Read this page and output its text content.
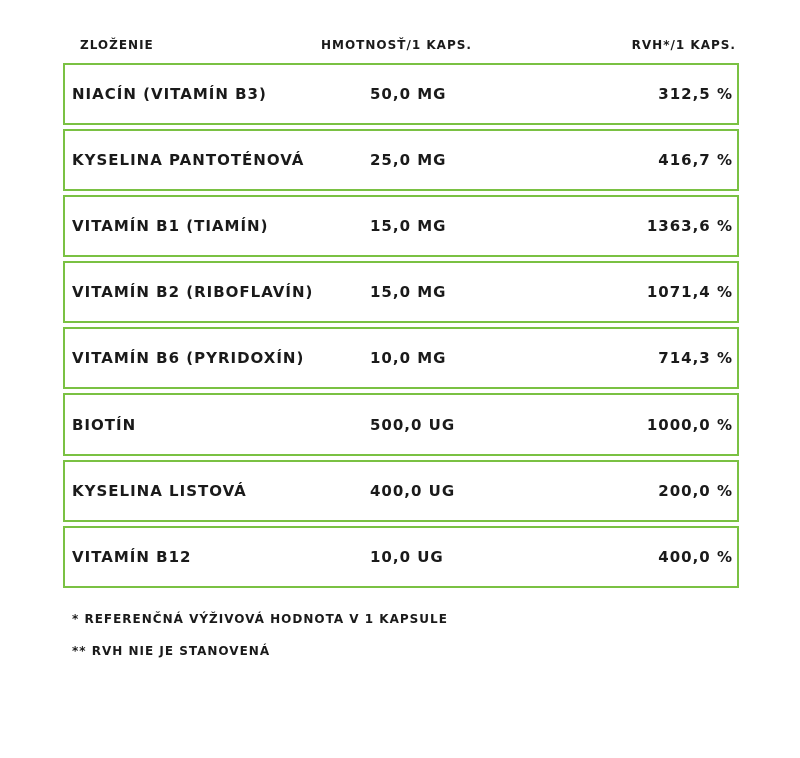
ZLOŽENIE	HMOTNOSŤ/1 KAPS.	RVH*/1 KAPS.
NIACÍN (VITAMÍN B3)	50,0 MG	312,5 %
KYSELINA PANTOTÉNOVÁ	25,0 MG	416,7 %
VITAMÍN B1 (TIAMÍN)	15,0 MG	1363,6 %
VITAMÍN B2 (RIBOFLAVÍN)	15,0 MG	1071,4 %
VITAMÍN B6 (PYRIDOXÍN)	10,0 MG	714,3 %
BIOTÍN	500,0 UG	1000,0 %
KYSELINA LISTOVÁ	400,0 UG	200,0 %
VITAMÍN B12	10,0 UG	400,0 %
* REFERENČNÁ VÝŽIVOVÁ HODNOTA V 1 KAPSULE
** RVH NIE JE STANOVENÁ
